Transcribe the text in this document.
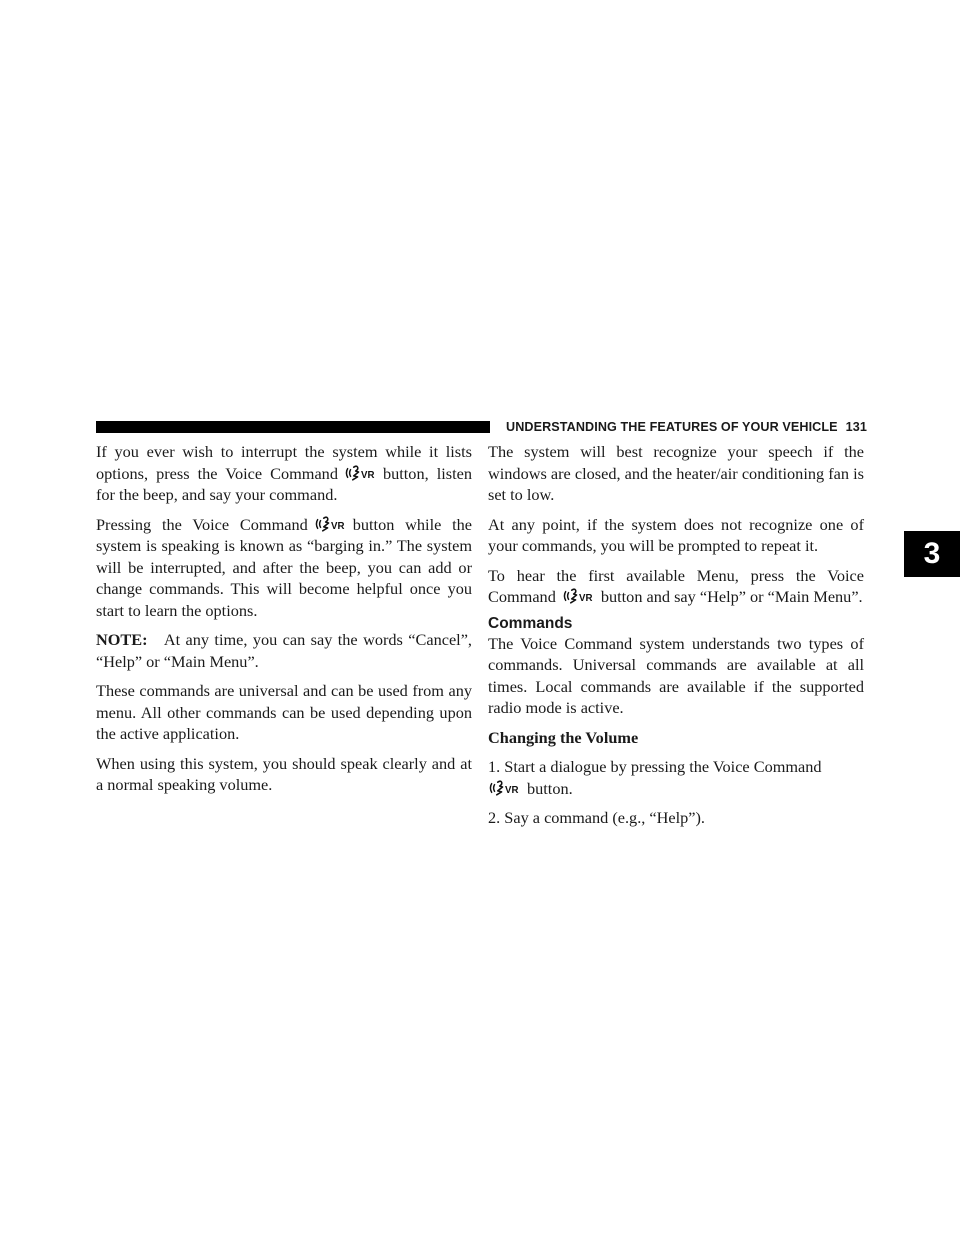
UNDERSTANDING THE FEATURES OF YOUR VEHICLE 131

If you ever wish to interrupt the system while it lists options, press the Voice Command	button, listen for the beep, and say your command.

Pressing the Voice Command	button while the system is speaking is known as “barging in.” The system will be interrupted, and after the beep, you can add or change commands. This will become helpful once you start to learn the options.

NOTE: At any time, you can say the words “Cancel”, “Help” or “Main Menu”.

These commands are universal and can be used from any menu. All other commands can be used depending upon the active application.

When using this system, you should speak clearly and at a normal speaking volume.

The system will best recognize your speech if the windows are closed, and the heater/air conditioning fan is set to low.

At any point, if the system does not recognize one of your commands, you will be prompted to repeat it.

To hear the first available Menu, press the Voice Command	button and say “Help” or “Main Menu”.

Commands

The Voice Command system understands two types of commands. Universal commands are available at all times. Local commands are available if the supported radio mode is active.

Changing the Volume

1. Start a dialogue by pressing the Voice Command

button.

2. Say a command (e.g., “Help”).

3
